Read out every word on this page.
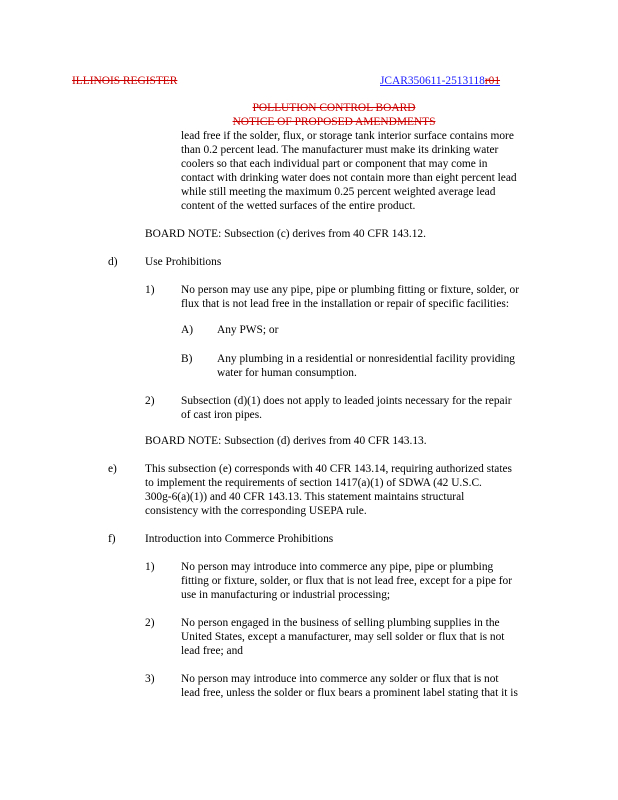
ILLINOIS REGISTER	JCAR350611-2513118r01
POLLUTION CONTROL BOARD
NOTICE OF PROPOSED AMENDMENTS
lead free if the solder, flux, or storage tank interior surface contains more
than 0.2 percent lead. The manufacturer must make its drinking water
coolers so that each individual part or component that may come in
contact with drinking water does not contain more than eight percent lead
while still meeting the maximum 0.25 percent weighted average lead
content of the wetted surfaces of the entire product.
BOARD NOTE: Subsection (c) derives from 40 CFR 143.12.
d) Use Prohibitions
1) No person may use any pipe, pipe or plumbing fitting or fixture, solder, or
flux that is not lead free in the installation or repair of specific facilities:
A) Any PWS; or
B) Any plumbing in a residential or nonresidential facility providing
water for human consumption.
2) Subsection (d)(1) does not apply to leaded joints necessary for the repair
of cast iron pipes.
BOARD NOTE: Subsection (d) derives from 40 CFR 143.13.
e) This subsection (e) corresponds with 40 CFR 143.14, requiring authorized states
to implement the requirements of section 1417(a)(1) of SDWA (42 U.S.C.
300g-6(a)(1)) and 40 CFR 143.13. This statement maintains structural
consistency with the corresponding USEPA rule.
f)	Introduction into Commerce Prohibitions
1) No person may introduce into commerce any pipe, pipe or plumbing
fitting or fixture, solder, or flux that is not lead free, except for a pipe for
use in manufacturing or industrial processing;
2) No person engaged in the business of selling plumbing supplies in the
United States, except a manufacturer, may sell solder or flux that is not
lead free; and
3) No person may introduce into commerce any solder or flux that is not
lead free, unless the solder or flux bears a prominent label stating that it is
